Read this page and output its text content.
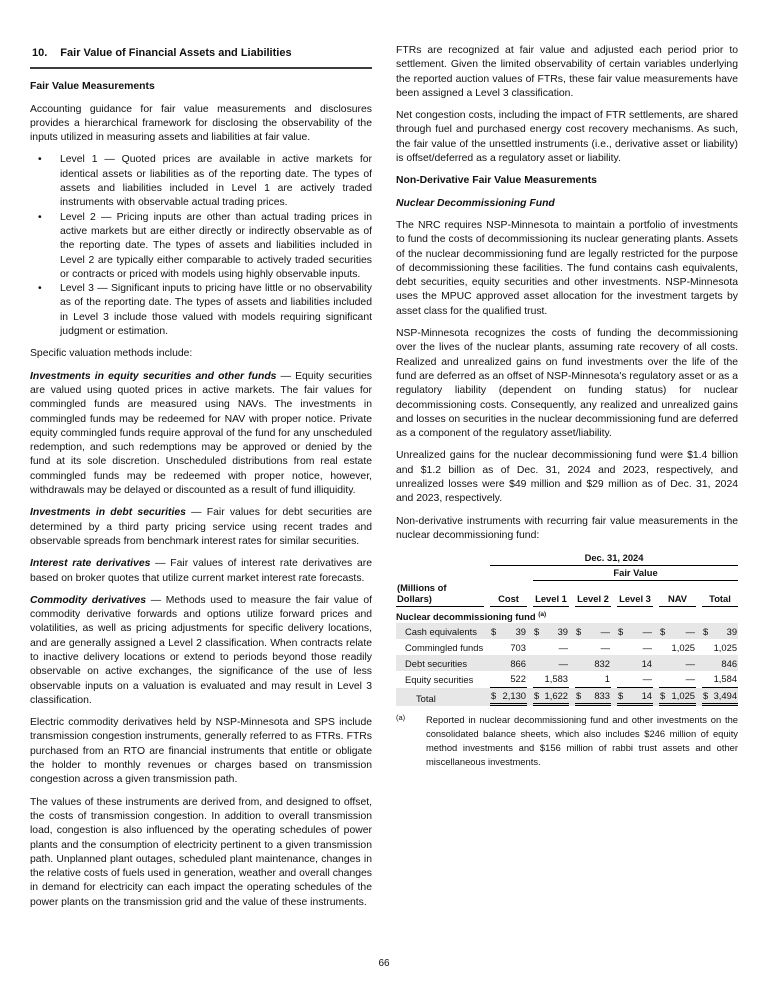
10. Fair Value of Financial Assets and Liabilities

Fair Value Measurements

Accounting guidance for fair value measurements and disclosures provides a hierarchical framework for disclosing the observability of the inputs utilized in measuring assets and liabilities at fair value.

•	Level 1 — Quoted prices are available in active markets for identical assets or liabilities as of the reporting date. The types of assets and liabilities included in Level 1 are actively traded instruments with observable actual trading prices.
•	Level 2 — Pricing inputs are other than actual trading prices in active markets but are either directly or indirectly observable as of the reporting date. The types of assets and liabilities included in Level 2 are typically either comparable to actively traded securities or contracts or priced with models using highly observable inputs.
•	Level 3 — Significant inputs to pricing have little or no observability as of the reporting date. The types of assets and liabilities included in Level 3 include those valued with models requiring significant judgment or estimation.

Specific valuation methods include:

Investments in equity securities and other funds — Equity securities are valued using quoted prices in active markets. The fair values for commingled funds are measured using NAVs. The investments in commingled funds may be redeemed for NAV with proper notice. Private equity commingled funds require approval of the fund for any unscheduled redemption, and such redemptions may be approved or denied by the fund at its sole discretion. Unscheduled distributions from real estate commingled funds may be redeemed with proper notice, however, withdrawals may be delayed or discounted as a result of fund illiquidity.

Investments in debt securities — Fair values for debt securities are determined by a third party pricing service using recent trades and observable spreads from benchmark interest rates for similar securities.

Interest rate derivatives — Fair values of interest rate derivatives are based on broker quotes that utilize current market interest rate forecasts.

Commodity derivatives — Methods used to measure the fair value of commodity derivative forwards and options utilize forward prices and volatilities, as well as pricing adjustments for specific delivery locations, and are generally assigned a Level 2 classification. When contracts relate to inactive delivery locations or extend to periods beyond those readily observable on active exchanges, the significance of the use of less observable inputs on a valuation is evaluated and may result in Level 3 classification.

Electric commodity derivatives held by NSP-Minnesota and SPS include transmission congestion instruments, generally referred to as FTRs. FTRs purchased from an RTO are financial instruments that entitle or obligate the holder to monthly revenues or charges based on transmission congestion across a given transmission path.

The values of these instruments are derived from, and designed to offset, the costs of transmission congestion. In addition to overall transmission load, congestion is also influenced by the operating schedules of power plants and the consumption of electricity pertinent to a given transmission path. Unplanned plant outages, scheduled plant maintenance, changes in the relative costs of fuels used in generation, weather and overall changes in demand for electricity can each impact the operating schedules of the power plants on the transmission grid and the value of these instruments.

FTRs are recognized at fair value and adjusted each period prior to settlement. Given the limited observability of certain variables underlying the reported auction values of FTRs, these fair value measurements have been assigned a Level 3 classification.

Net congestion costs, including the impact of FTR settlements, are shared through fuel and purchased energy cost recovery mechanisms. As such, the fair value of the unsettled instruments (i.e., derivative asset or liability) is offset/deferred as a regulatory asset or liability.

Non-Derivative Fair Value Measurements

Nuclear Decommissioning Fund

The NRC requires NSP-Minnesota to maintain a portfolio of investments to fund the costs of decommissioning its nuclear generating plants. Assets of the nuclear decommissioning fund are legally restricted for the purpose of decommissioning these facilities. The fund contains cash equivalents, debt securities, equity securities and other investments. NSP-Minnesota uses the MPUC approved asset allocation for the investment targets by asset class for the qualified trust.

NSP-Minnesota recognizes the costs of funding the decommissioning over the lives of the nuclear plants, assuming rate recovery of all costs. Realized and unrealized gains on fund investments over the life of the fund are deferred as an offset of NSP-Minnesota's regulatory asset or as a regulatory liability (dependent on funding status) for nuclear decommissioning costs. Consequently, any realized and unrealized gains and losses on securities in the nuclear decommissioning fund are deferred as a component of the regulatory asset/liability.

Unrealized gains for the nuclear decommissioning fund were $1.4 billion and $1.2 billion as of Dec. 31, 2024 and 2023, respectively, and unrealized losses were $49 million and $29 million as of Dec. 31, 2024 and 2023, respectively.

Non-derivative instruments with recurring fair value measurements in the nuclear decommissioning fund:

	Dec. 31, 2024					

		Fair Value				

(Millions of Dollars)	Cost	Level 1	Level 2	Level 3	NAV	Total

Nuclear decommissioning fund $^{(a)}$

Cash equivalents	$ 39	$ 39	$ —	$ —	$ —	$ 39

Commingled funds	703	—	—	—	1,025	1,025

Debt securities	866	—	832	14	—	846

Equity securities	522	1,583	1	—	—	1,584

Total	$ 2,130	$ 1,622	$ 833	$ 14	$ 1,025	$ 3,494
(a)	Reported in nuclear decommissioning fund and other investments on the consolidated balance sheets, which also includes $246 million of equity method investments and $156 million of rabbi trust assets and other miscellaneous investments.
66
